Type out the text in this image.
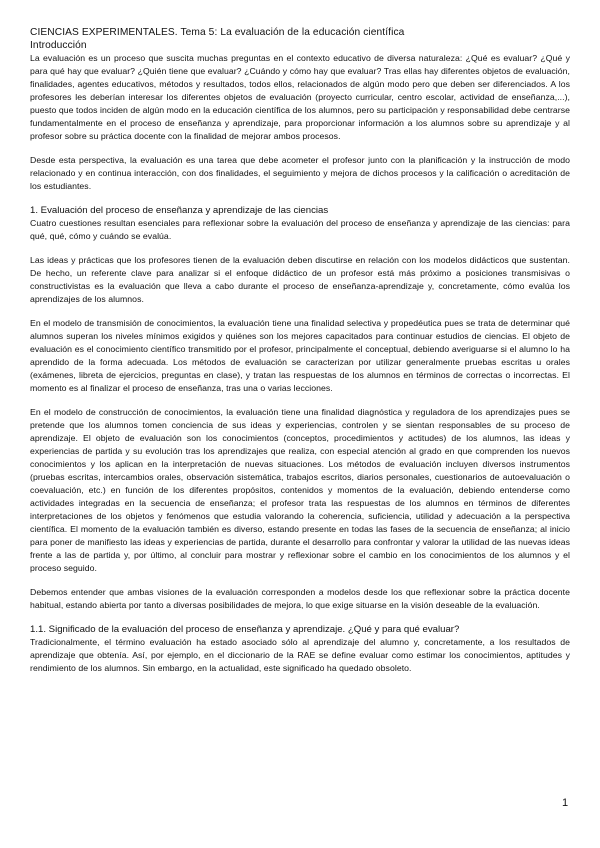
CIENCIAS EXPERIMENTALES. Tema 5: La evaluación de la educación científica
Introducción

La evaluación es un proceso que suscita muchas preguntas en el contexto educativo de diversa naturaleza: ¿Qué es evaluar? ¿Qué y para qué hay que evaluar? ¿Quién tiene que evaluar? ¿Cuándo y cómo hay que evaluar? Tras ellas hay diferentes objetos de evaluación, finalidades, agentes educativos, métodos y resultados, todos ellos, relacionados de algún modo pero que deben ser diferenciados. A los profesores les deberían interesar los diferentes objetos de evaluación (proyecto curricular, centro escolar, actividad de enseñanza,...), puesto que todos inciden de algún modo en la educación científica de los alumnos, pero su participación y responsabilidad debe centrarse fundamentalmente en el proceso de enseñanza y aprendizaje, para proporcionar información a los alumnos sobre su aprendizaje y al profesor sobre su práctica docente con la finalidad de mejorar ambos procesos.

Desde esta perspectiva, la evaluación es una tarea que debe acometer el profesor junto con la planificación y la instrucción de modo relacionado y en continua interacción, con dos finalidades, el seguimiento y mejora de dichos procesos y la calificación o acreditación de los estudiantes.

1. Evaluación del proceso de enseñanza y aprendizaje de las ciencias

Cuatro cuestiones resultan esenciales para reflexionar sobre la evaluación del proceso de enseñanza y aprendizaje de las ciencias: para qué, qué, cómo y cuándo se evalúa.

Las ideas y prácticas que los profesores tienen de la evaluación deben discutirse en relación con los modelos didácticos que sustentan. De hecho, un referente clave para analizar si el enfoque didáctico de un profesor está más próximo a posiciones transmisivas o constructivistas es la evaluación que lleva a cabo durante el proceso de enseñanza-aprendizaje y, concretamente, cómo evalúa los aprendizajes de los alumnos.

En el modelo de transmisión de conocimientos, la evaluación tiene una finalidad selectiva y propedéutica pues se trata de determinar qué alumnos superan los niveles mínimos exigidos y quiénes son los mejores capacitados para continuar estudios de ciencias. El objeto de evaluación es el conocimiento científico transmitido por el profesor, principalmente el conceptual, debiendo averiguarse si el alumno lo ha aprendido de la forma adecuada. Los métodos de evaluación se caracterizan por utilizar generalmente pruebas escritas u orales (exámenes, libreta de ejercicios, preguntas en clase), y tratan las respuestas de los alumnos en términos de correctas o incorrectas. El momento es al finalizar el proceso de enseñanza, tras una o varias lecciones.

En el modelo de construcción de conocimientos, la evaluación tiene una finalidad diagnóstica y reguladora de los aprendizajes pues se pretende que los alumnos tomen conciencia de sus ideas y experiencias, controlen y se sientan responsables de su proceso de aprendizaje. El objeto de evaluación son los conocimientos (conceptos, procedimientos y actitudes) de los alumnos, las ideas y experiencias de partida y su evolución tras los aprendizajes que realiza, con especial atención al grado en que comprenden los nuevos conocimientos y los aplican en la interpretación de nuevas situaciones. Los métodos de evaluación incluyen diversos instrumentos (pruebas escritas, intercambios orales, observación sistemática, trabajos escritos, diarios personales, cuestionarios de autoevaluación o coevaluación, etc.) en función de los diferentes propósitos, contenidos y momentos de la evaluación, debiendo entenderse como actividades integradas en la secuencia de enseñanza; el profesor trata las respuestas de los alumnos en términos de diferentes interpretaciones de los objetos y fenómenos que estudia valorando la coherencia, suficiencia, utilidad y adecuación a la perspectiva científica. El momento de la evaluación también es diverso, estando presente en todas las fases de la secuencia de enseñanza; al inicio para poner de manifiesto las ideas y experiencias de partida, durante el desarrollo para confrontar y valorar la utilidad de las nuevas ideas frente a las de partida y, por último, al concluir para mostrar y reflexionar sobre el cambio en los conocimientos de los alumnos y el proceso seguido.

Debemos entender que ambas visiones de la evaluación corresponden a modelos desde los que reflexionar sobre la práctica docente habitual, estando abierta por tanto a diversas posibilidades de mejora, lo que exige situarse en la visión deseable de la evaluación.

1.1. Significado de la evaluación del proceso de enseñanza y aprendizaje. ¿Qué y para qué evaluar?

Tradicionalmente, el término evaluación ha estado asociado sólo al aprendizaje del alumno y, concretamente, a los resultados de aprendizaje que obtenía. Así, por ejemplo, en el diccionario de la RAE se define evaluar como estimar los conocimientos, aptitudes y rendimiento de los alumnos. Sin embargo, en la actualidad, este significado ha quedado obsoleto.

1
